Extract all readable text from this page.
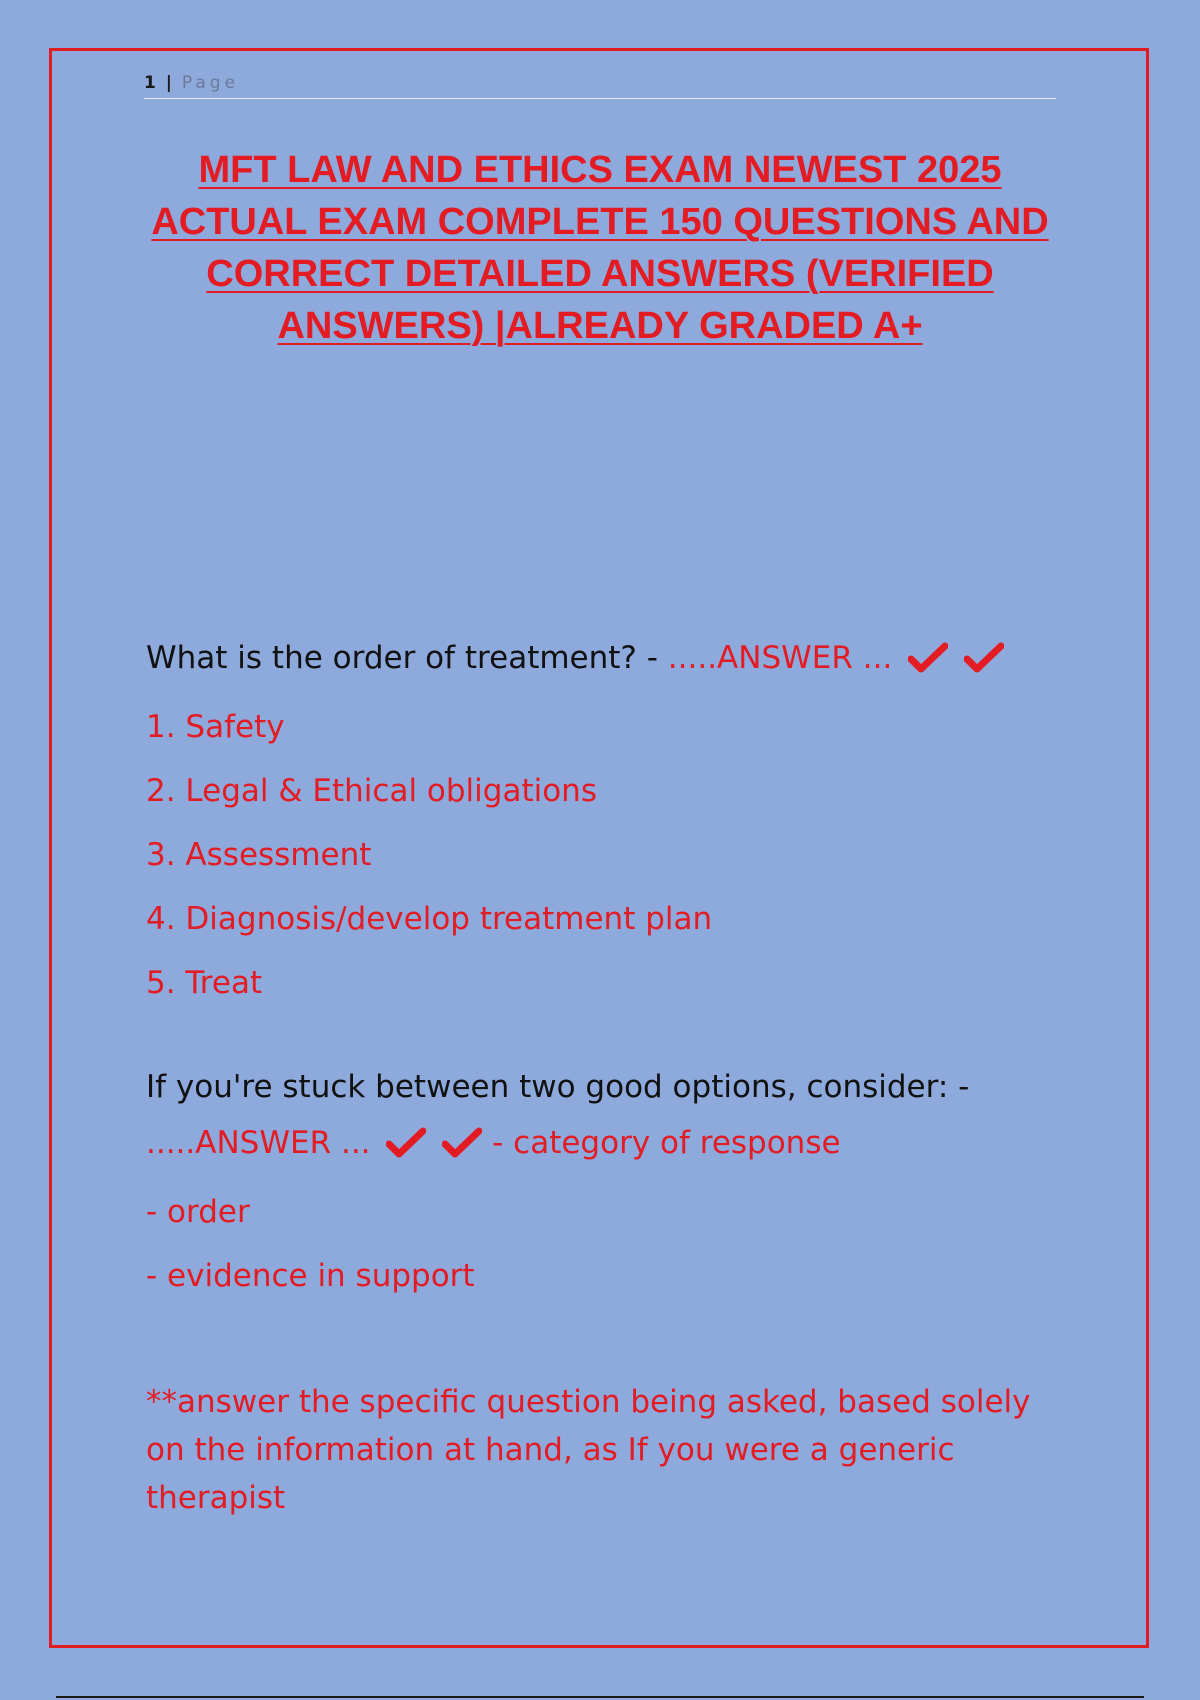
1 | Page
MFT LAW AND ETHICS EXAM NEWEST 2025 ACTUAL EXAM COMPLETE 150 QUESTIONS AND CORRECT DETAILED ANSWERS (VERIFIED ANSWERS) |ALREADY GRADED A+
What is the order of treatment? - .....ANSWER ...

1. Safety
2. Legal & Ethical obligations
3. Assessment
4. Diagnosis/develop treatment plan
5. Treat
If you're stuck between two good options, consider: -
.....ANSWER ...
	- category of response
- order
- evidence in support
**answer the specific question being asked, based solely on the information at hand, as If you were a generic therapist
